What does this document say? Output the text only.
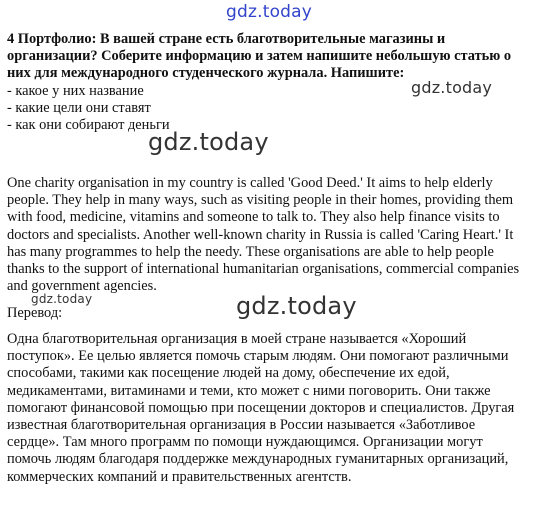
4 Портфолио: В вашей стране есть благотворительные магазины и организации? Соберите информацию и затем напишите небольшую статью о них для международного студенческого журнала. Напишите:

- какое у них название
- какие цели они ставят
- как они собирают деньги

One charity organisation in my country is called 'Good Deed.' It aims to help elderly people. They help in many ways, such as visiting people in their homes, providing them with food, medicine, vitamins and someone to talk to. They also help finance visits to doctors and specialists. Another well-known charity in Russia is called 'Caring Heart.' It has many programmes to help the needy. These organisations are able to help people thanks to the support of international humanitarian organisations, commercial companies and government agencies.

Перевод:

Одна благотворительная организация в моей стране называется «Хороший поступок». Ее целью является помочь старым людям. Они помогают различными способами, такими как посещение людей на дому, обеспечение их едой, медикаментами, витаминами и теми, кто может с ними поговорить. Они также помогают финансовой помощью при посещении докторов и специалистов. Другая известная благотворительная организация в России называется «Заботливое сердце». Там много программ по помощи нуждающимся. Организации могут помочь людям благодаря поддержке международных гуманитарных организаций, коммерческих компаний и правительственных агентств.

gdz.today
gdz.today
gdz.today
gdz.today	gdz.today
